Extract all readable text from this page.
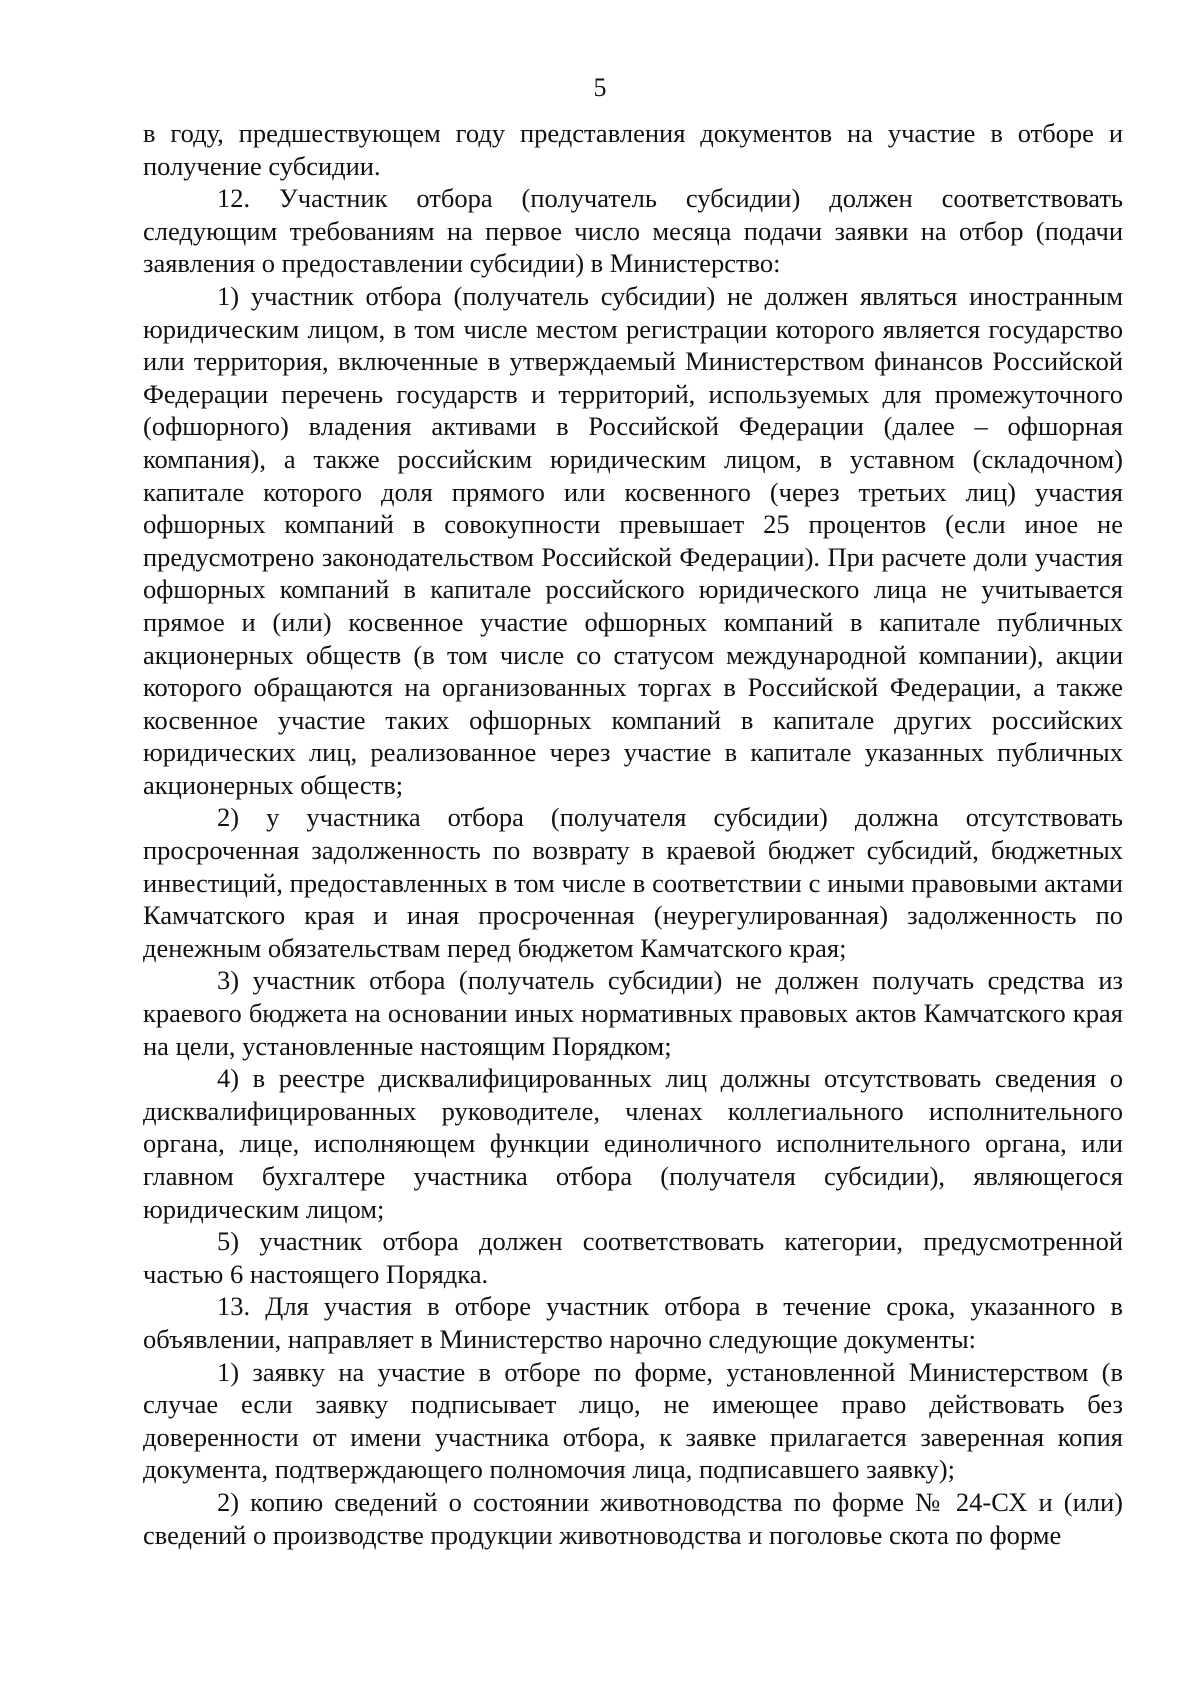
5

в году, предшествующем году представления документов на участие в отборе и получение субсидии.

12. Участник отбора (получатель субсидии) должен соответствовать следующим требованиям на первое число месяца подачи заявки на отбор (подачи заявления о предоставлении субсидии) в Министерство:

1) участник отбора (получатель субсидии) не должен являться иностранным юридическим лицом, в том числе местом регистрации которого является государство или территория, включенные в утверждаемый Министерством финансов Российской Федерации перечень государств и территорий, используемых для промежуточного (офшорного) владения активами в Российской Федерации (далее – офшорная компания), а также российским юридическим лицом, в уставном (складочном) капитале которого доля прямого или косвенного (через третьих лиц) участия офшорных компаний в совокупности превышает 25 процентов (если иное не предусмотрено законодательством Российской Федерации). При расчете доли участия офшорных компаний в капитале российского юридического лица не учитывается прямое и (или) косвенное участие офшорных компаний в капитале публичных акционерных обществ (в том числе со статусом международной компании), акции которого обращаются на организованных торгах в Российской Федерации, а также косвенное участие таких офшорных компаний в капитале других российских юридических лиц, реализованное через участие в капитале указанных публичных акционерных обществ;

2) у участника отбора (получателя субсидии) должна отсутствовать просроченная задолженность по возврату в краевой бюджет субсидий, бюджетных инвестиций, предоставленных в том числе в соответствии с иными правовыми актами Камчатского края и иная просроченная (неурегулированная) задолженность по денежным обязательствам перед бюджетом Камчатского края;

3) участник отбора (получатель субсидии) не должен получать средства из краевого бюджета на основании иных нормативных правовых актов Камчатского края на цели, установленные настоящим Порядком;

4) в реестре дисквалифицированных лиц должны отсутствовать сведения о дисквалифицированных руководителе, членах коллегиального исполнительного органа, лице, исполняющем функции единоличного исполнительного органа, или главном бухгалтере участника отбора (получателя субсидии), являющегося юридическим лицом;

5) участник отбора должен соответствовать категории, предусмотренной частью 6 настоящего Порядка.

13. Для участия в отборе участник отбора в течение срока, указанного в объявлении, направляет в Министерство нарочно следующие документы:

1) заявку на участие в отборе по форме, установленной Министерством (в случае если заявку подписывает лицо, не имеющее право действовать без доверенности от имени участника отбора, к заявке прилагается заверенная копия документа, подтверждающего полномочия лица, подписавшего заявку);

2) копию сведений о состоянии животноводства по форме № 24-СХ и (или) сведений о производстве продукции животноводства и поголовье скота по форме
